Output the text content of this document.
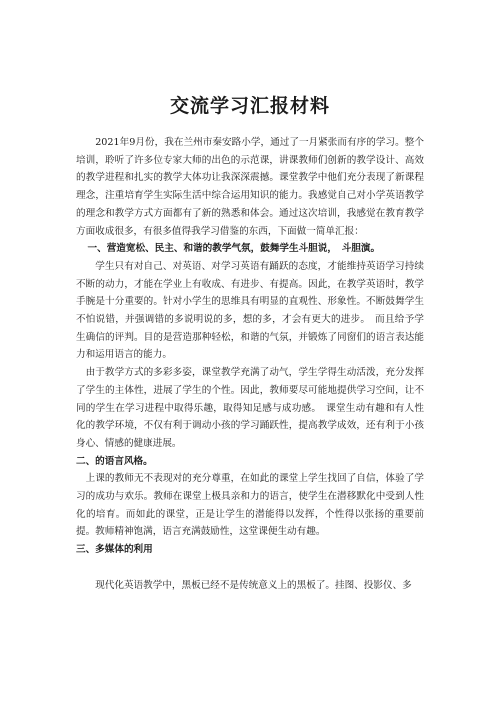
交流学习汇报材料

2021年9月份，我在兰州市秦安路小学，通过了一月紧张而有序的学习。整个培训，聆听了许多位专家大师的出色的示范课，讲课教师们创新的教学设计、高效的教学进程和扎实的教学大体功让我深深震撼。课堂教学中他们充分表现了新课程理念，注重培育学生实际生活中综合运用知识的能力。我感觉自己对小学英语教学的理念和教学方式方面都有了新的熟悉和体会。通过这次培训，我感觉在教育教学方面收成很多，有很多值得我学习借鉴的东西，下面做一简单汇报：

一、营造宽松、民主、和谐的教学气氛，鼓舞学生斗胆说，　斗胆演。

学生只有对自己、对英语、对学习英语有踊跃的态度，才能维持英语学习持续不断的动力，才能在学业上有收成、有进步、有提高。因此，在教学英语时，教学手腕是十分重要的。针对小学生的思维具有明显的直观性、形象性。不断鼓舞学生不怕说错，并强调错的多说明说的多，想的多，才会有更大的进步。　而且给予学生确信的评判。目的是营造那种轻松，和谐的气氛，并锻炼了同窗们的语言表达能力和运用语言的能力。

由于教学方式的多彩多姿，课堂教学充满了动气，学生学得生动活泼，充分发挥了学生的主体性，进展了学生的个性。因此，教师要尽可能地提供学习空间，让不同的学生在学习进程中取得乐趣，取得知足感与成功感。　课堂生动有趣和有人性化的教学环境，不仅有利于调动小孩的学习踊跃性，提高教学成效，还有利于小孩身心、情感的健康进展。

二、的语言风格。

上课的教师无不表现对的充分尊重，在如此的课堂上学生找回了自信，体验了学习的成功与欢乐。教师在课堂上极具亲和力的语言，使学生在潜移默化中受到人性化的培育。而如此的课堂，正是让学生的潜能得以发挥，个性得以张扬的重要前提。教师精神饱满，语言充满鼓励性，这堂课便生动有趣。

三、多媒体的利用

现代化英语教学中，黑板已经不是传统意义上的黑板了。挂图、投影仪、多
